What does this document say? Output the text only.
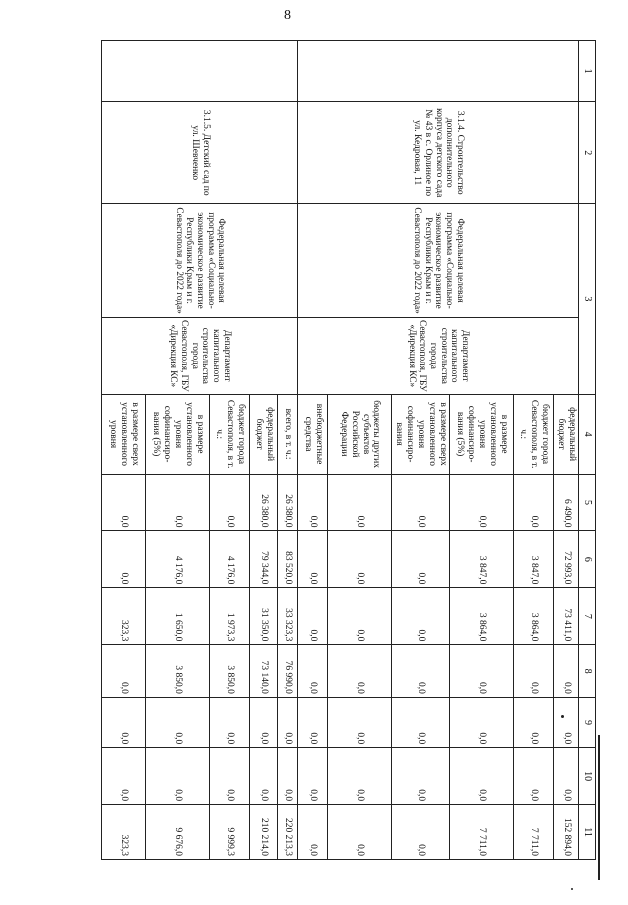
8
1	2	3		4	5	6	7	8	9	10	11
	3.1.4. Строительство дополнительного корпуса детского сада № 43 в с. Орлиное по ул. Кедровая, 11	Федеральная целевая программа «Социально-экономическое развитие Республики Крым и г. Севастополя до 2022 года»	Департамент капитального строительства города Севастополя, ГБУ «Дирекция КС»	федеральный бюджет	6 490,0	72 993,0	73 411,0	0,0	0,0	0,0	152 894,0
				бюджет города Севастополя, в т. ч.:	0,0	3 847,0	3 864,0	0,0	0,0	0,0	7 711,0
				в размере установленного уровня софинансиро-вания (5%)	0,0	3 847,0	3 864,0	0,0	0,0	0,0	7 711,0
				в размере сверх установленного уровня софинансиро-вания	0,0	0,0	0,0	0,0	0,0	0,0	0,0
				бюджеты других субъектов Российской Федерации	0,0	0,0	0,0	0,0	0,0	0,0	0,0
				внебюджетные средства	0,0	0,0	0,0	0,0	0,0	0,0	0,0
	3.1.5. Детский сад по ул. Шевченко	Федеральная целевая программа «Социально-экономическое развитие Республики Крым и г. Севастополя до 2022 года»	Департамент капитального строительства города Севастополя, ГБУ «Дирекция КС»	всего, в т. ч.:	26 380,0	83 520,0	33 323,3	76 990,0	0,0	0,0	220 213,3
				федеральный бюджет	26 380,0	79 344,0	31 350,0	73 140,0	0,0	0,0	210 214,0
				бюджет города Севастополя, в т. ч.:	0,0	4 176,0	1 973,3	3 850,0	0,0	0,0	9 999,3
				в размере установленного уровня софинансиро-вания (5%)	0,0	4 176,0	1 650,0	3 850,0	0,0	0,0	9 676,0
				в размере сверх установленного уровня	0,0	0,0	323,3	0,0	0,0	0,0	323,3
